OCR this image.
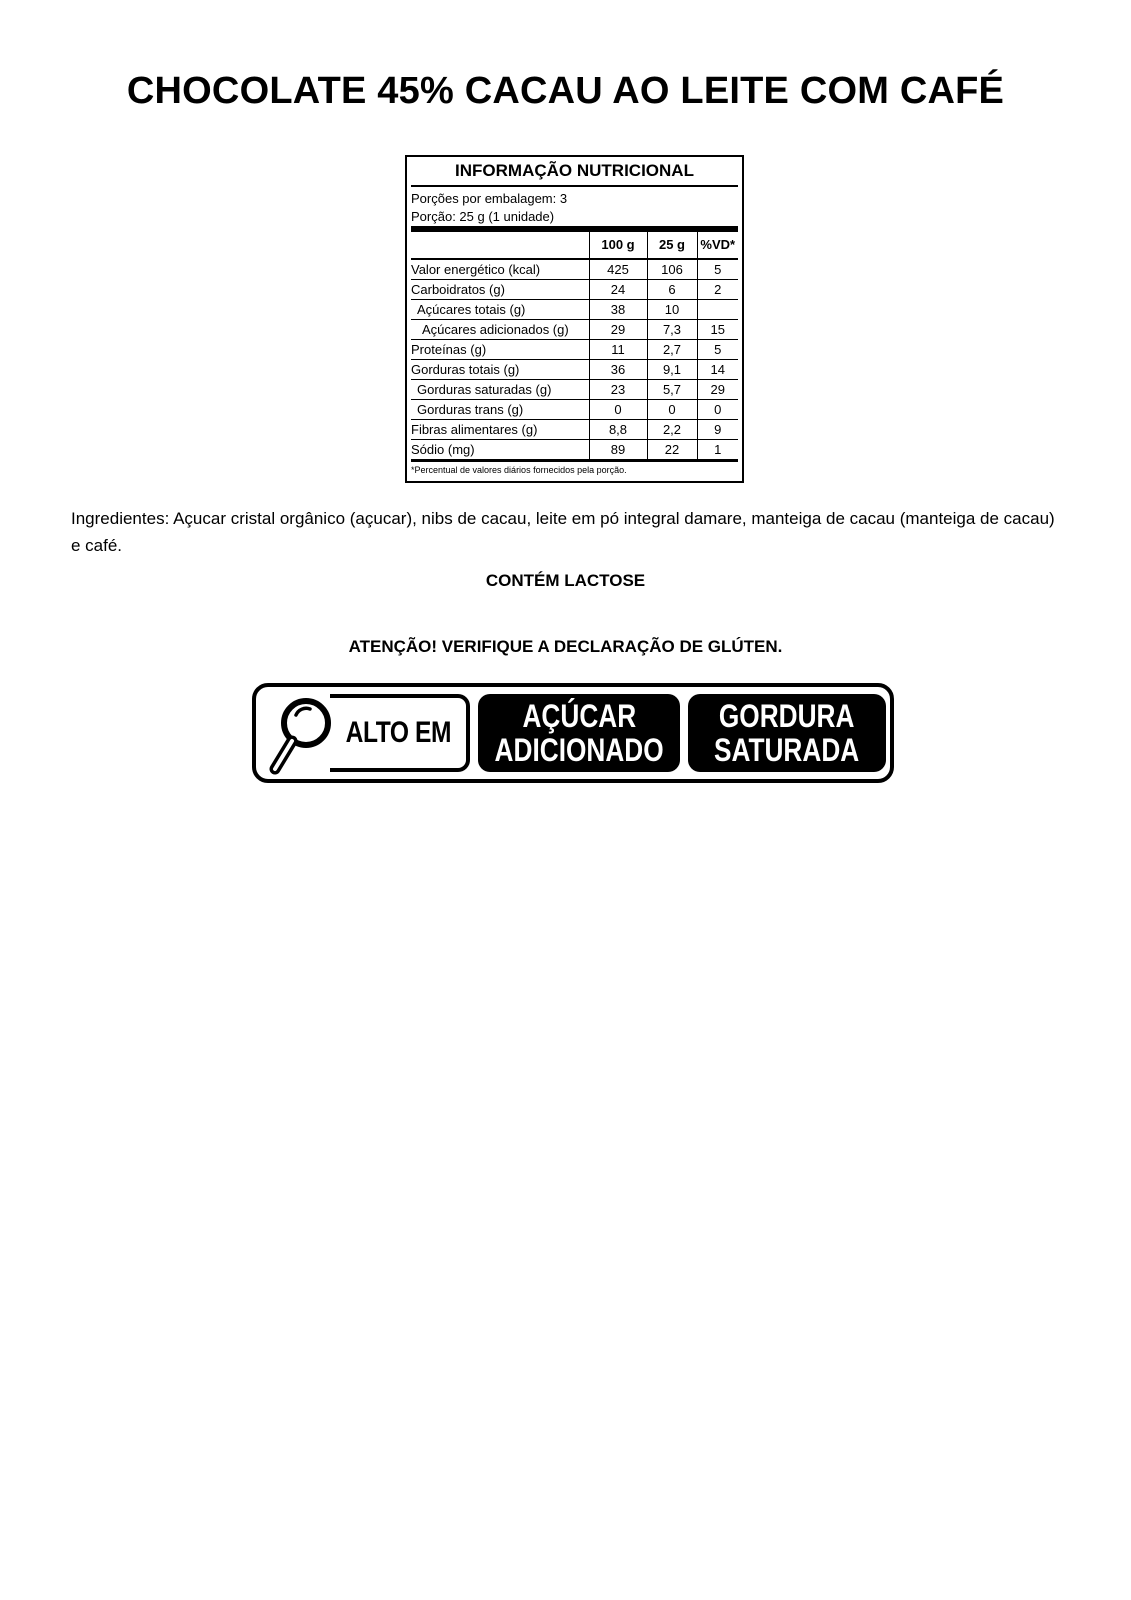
CHOCOLATE 45% CACAU AO LEITE COM CAFÉ
INFORMAÇÃO NUTRICIONAL
Porções por embalagem: 3
Porção: 25 g (1 unidade)
	100 g	25 g	%VD*
Valor energético (kcal)	425	106	5
Carboidratos (g)	24	6	2
Açúcares totais (g)	38	10	
Açúcares adicionados (g)	29	7,3	15
Proteínas (g)	11	2,7	5
Gorduras totais (g)	36	9,1	14
Gorduras saturadas (g)	23	5,7	29
Gorduras trans (g)	0	0	0
Fibras alimentares (g)	8,8	2,2	9
Sódio (mg)	89	22	1
*Percentual de valores diários fornecidos pela porção.

Ingredientes: Açucar cristal orgânico (açucar), nibs de cacau, leite em pó integral damare, manteiga de cacau (manteiga de cacau) e café.

CONTÉM LACTOSE

ATENÇÃO! VERIFIQUE A DECLARAÇÃO DE GLÚTEN.

ALTO EM AÇÚCAR
ADICIONADO
GORDURA
SATURADA
